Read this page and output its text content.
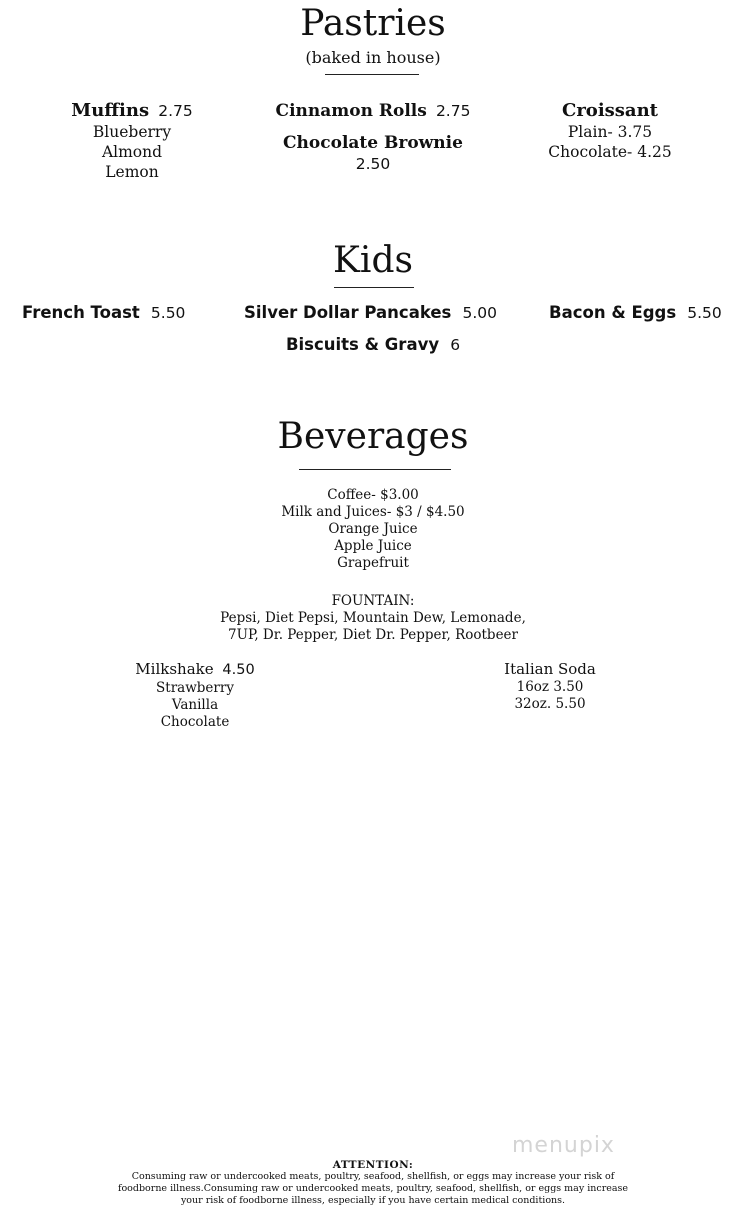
Pastries
(baked in house)
Muffins 2.75
Blueberry
Almond
Lemon
Cinnamon Rolls 2.75
Chocolate Brownie
2.50
Croissant
Plain- 3.75
Chocolate- 4.25
Kids
French Toast 5.50	Silver Dollar Pancakes 5.00	Bacon & Eggs 5.50
Biscuits & Gravy 6
Beverages
Coffee- $3.00
Milk and Juices- $3 / $4.50
Orange Juice
Apple Juice
Grapefruit
FOUNTAIN:
Pepsi, Diet Pepsi, Mountain Dew, Lemonade,
7UP, Dr. Pepper, Diet Dr. Pepper, Rootbeer
Milkshake 4.50
Strawberry
Vanilla
Chocolate
Italian Soda
16oz 3.50
32oz. 5.50
menupix
ATTENTION:
Consuming raw or undercooked meats, poultry, seafood, shellfish, or eggs may increase your risk of
foodborne illness.Consuming raw or undercooked meats, poultry, seafood, shellfish, or eggs may increase
your risk of foodborne illness, especially if you have certain medical conditions.
